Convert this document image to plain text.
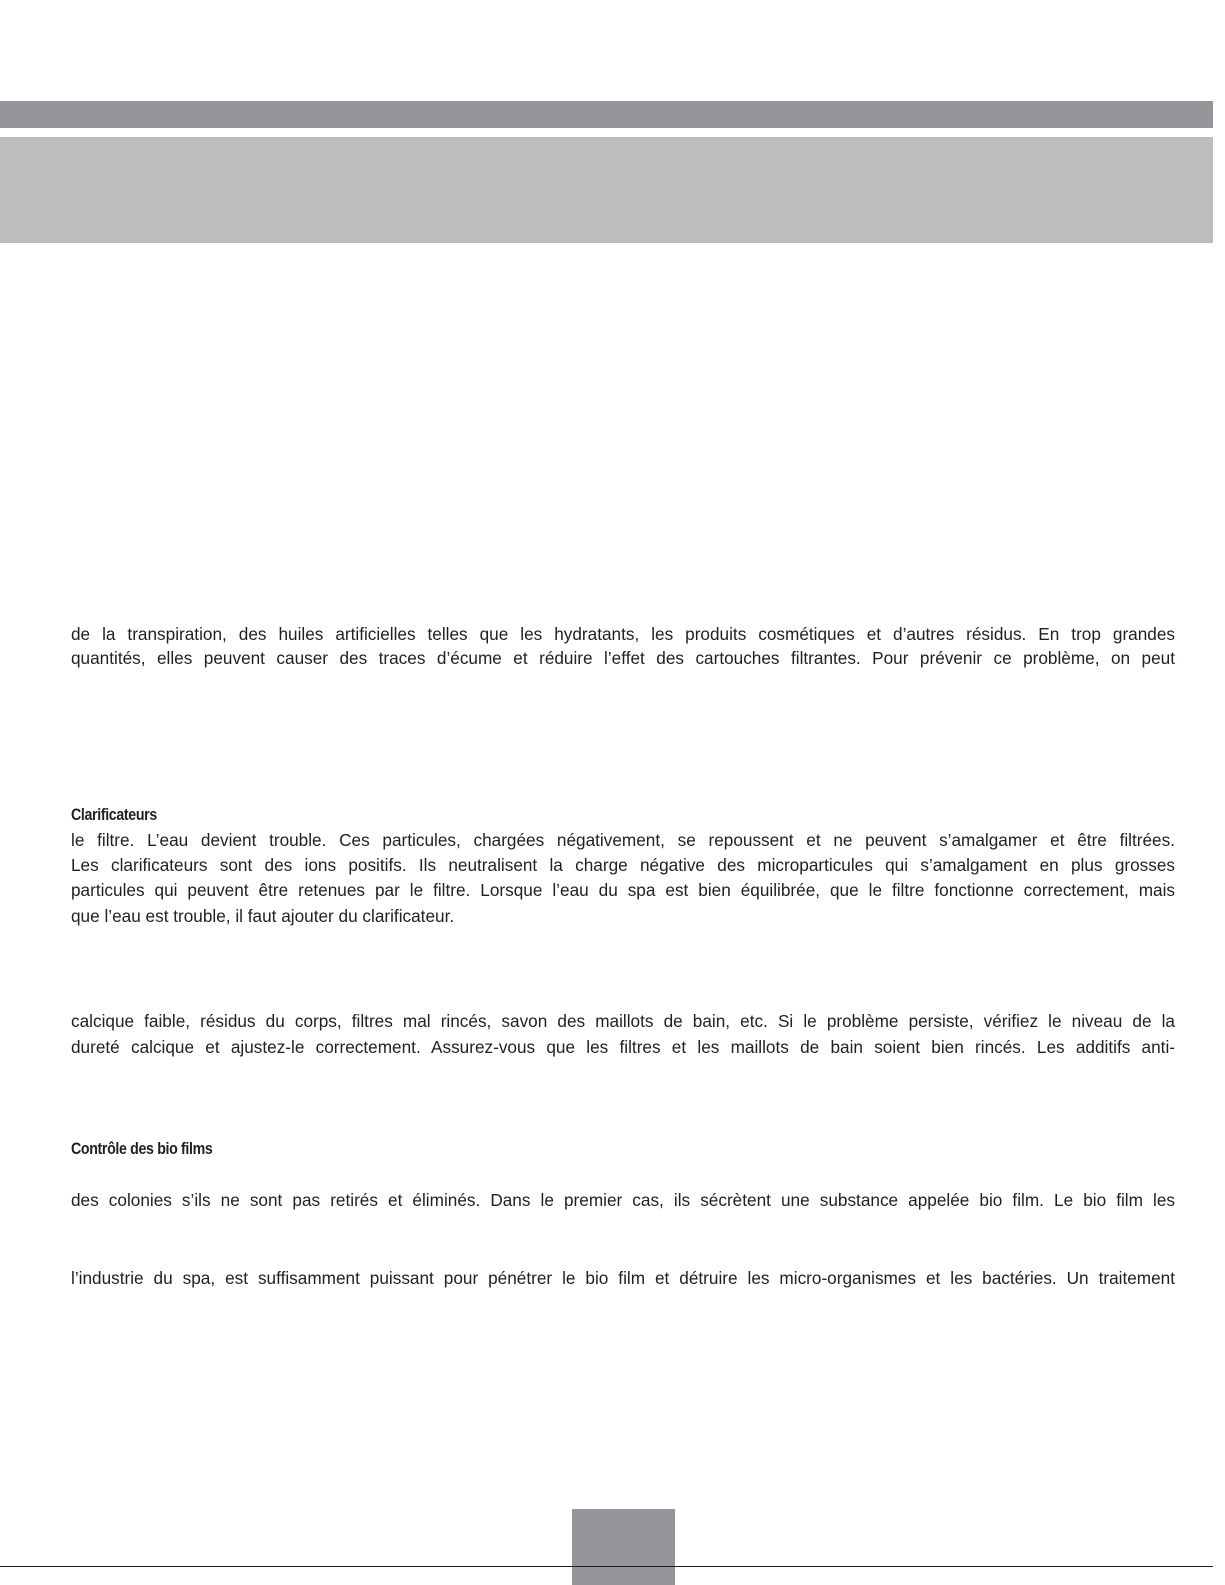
de la transpiration, des huiles artificielles telles que les hydratants, les produits cosmétiques et d’autres résidus. En trop grandes
quantités, elles peuvent causer des traces d’écume et réduire l’effet des cartouches filtrantes. Pour prévenir ce problème, on peut
Clarificateurs
le filtre. L’eau devient trouble. Ces particules, chargées négativement, se repoussent et ne peuvent s’amalgamer et être filtrées.
Les clarificateurs sont des ions positifs. Ils neutralisent la charge négative des microparticules qui s’amalgament en plus grosses
particules qui peuvent être retenues par le filtre. Lorsque l’eau du spa est bien équilibrée, que le filtre fonctionne correctement, mais
que l’eau est trouble, il faut ajouter du clarificateur.
calcique faible, résidus du corps, filtres mal rincés, savon des maillots de bain, etc. Si le problème persiste, vérifiez le niveau de la
dureté calcique et ajustez-le correctement. Assurez-vous que les filtres et les maillots de bain soient bien rincés. Les additifs anti-
Contrôle des bio films
des colonies s’ils ne sont pas retirés et éliminés. Dans le premier cas, ils sécrètent une substance appelée bio film. Le bio film les
l’industrie du spa, est suffisamment puissant pour pénétrer le bio film et détruire les micro-organismes et les bactéries. Un traitement
